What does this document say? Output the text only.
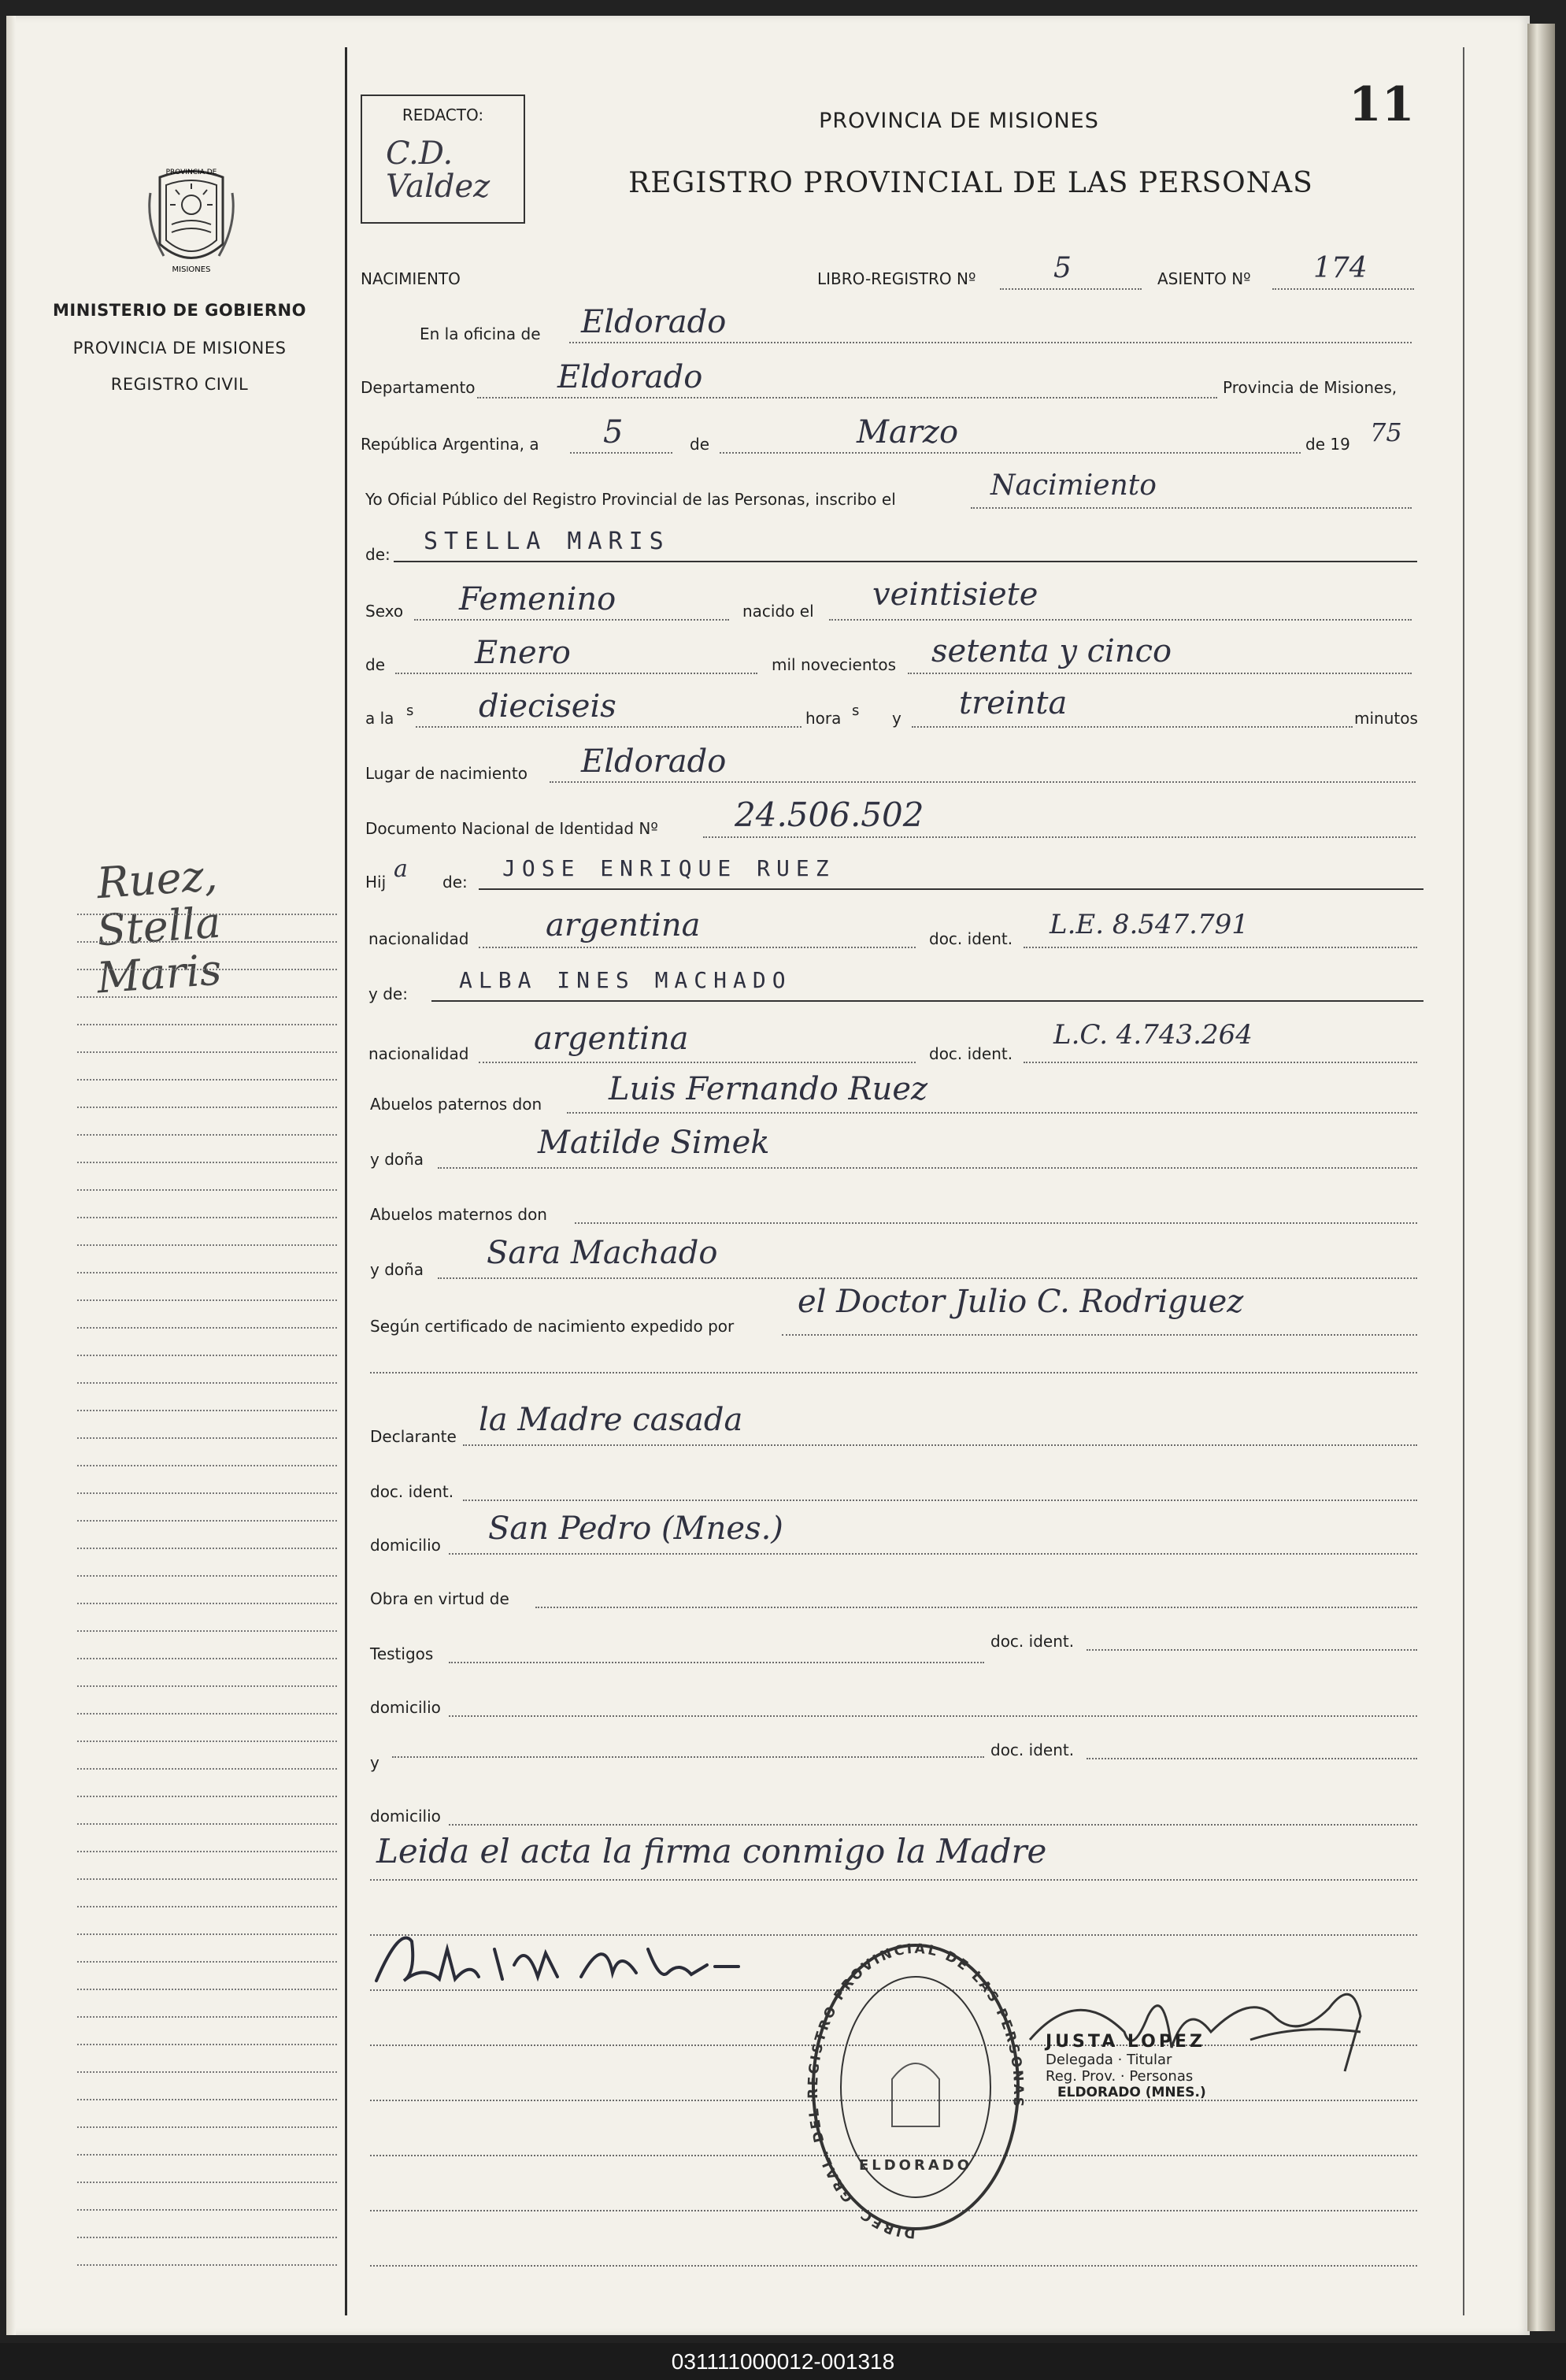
PROVINCIA DE
MISIONES
MINISTERIO DE GOBIERNO
PROVINCIA DE MISIONES
REGISTRO CIVIL
Ruez,
Stella
Maris
REDACTO:
C.D. Valdez
PROVINCIA DE MISIONES
REGISTRO PROVINCIAL DE LAS PERSONAS
11
NACIMIENTO	LIBRO-REGISTRO Nº	5	ASIENTO Nº 174
En la oficina de Eldorado
Departamento	Eldorado	Provincia de Misiones,
República Argentina, a 5	de	Marzo	de 19 75
Yo Oficial Público del Registro Provincial de las Personas, inscribo el	Nacimiento
de: STELLA MARIS
Sexo Femenino	nacido el veintisiete
de	Enero	mil novecientos setenta y cinco
a la s dieciseis	hora s y treinta	minutos
Lugar de nacimiento Eldorado
Documento Nacional de Identidad Nº 24.506.502
Hij a de:
JOSE ENRIQUE RUEZ
nacionalidad argentina	doc. ident. L.E. 8.547.791
y de:
ALBA INES MACHADO
nacionalidad argentina	doc. ident.
L.C. 4.743.264
Abuelos paternos don Luis Fernando Ruez
y doña	Matilde Simek
Abuelos maternos don
y doña Sara Machado
Según certificado de nacimiento expedido por
el Doctor Julio C. Rodriguez
Declarante la Madre casada
doc. ident.
domicilio San Pedro (Mnes.)
Obra en virtud de
Testigos
doc. ident.
domicilio
y
doc. ident.
domicilio
Leida el acta la firma conmigo la Madre
DIREC. GRAL. DEL REGISTRO PROVINCIAL DE LAS PERSONAS
ELDORADO
JUSTA LOPEZ
Delegada · Titular
Reg. Prov. · Personas
ELDORADO (MNES.)
031111000012-001318
